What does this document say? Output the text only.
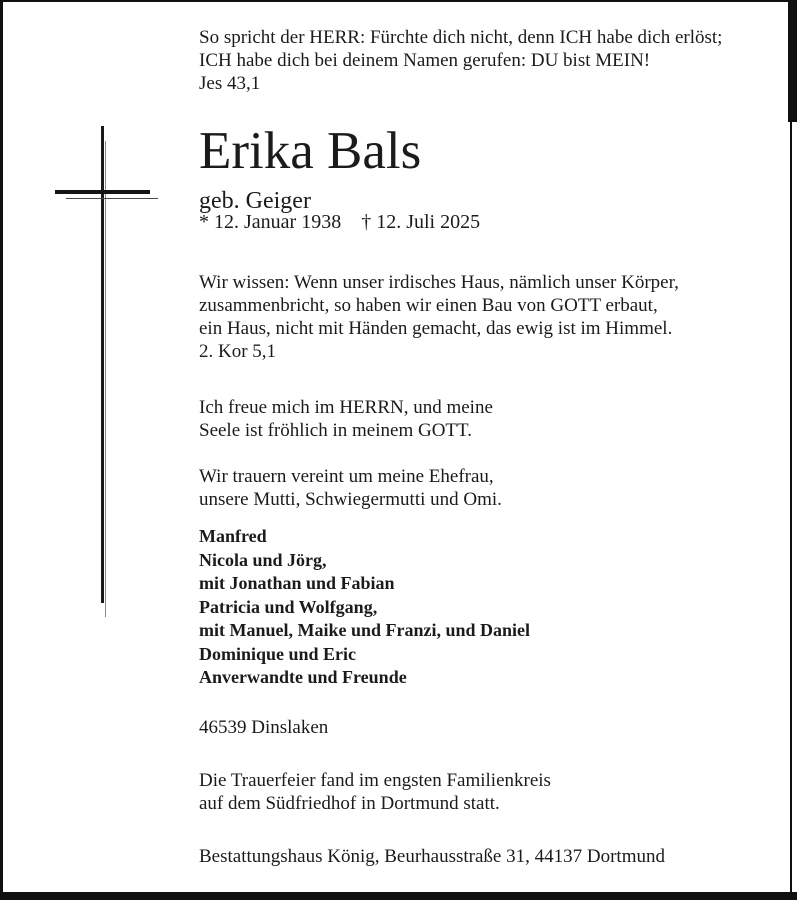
So spricht der HERR: Fürchte dich nicht, denn ICH habe dich erlöst;
ICH habe dich bei deinem Namen gerufen: DU bist MEIN!
Jes 43,1
Erika Bals
geb. Geiger
* 12. Januar 1938 † 12. Juli 2025
Wir wissen: Wenn unser irdisches Haus, nämlich unser Körper,
zusammenbricht, so haben wir einen Bau von GOTT erbaut,
ein Haus, nicht mit Händen gemacht, das ewig ist im Himmel.
2. Kor 5,1
Ich freue mich im HERRN, und meine
Seele ist fröhlich in meinem GOTT.
Wir trauern vereint um meine Ehefrau,
unsere Mutti, Schwiegermutti und Omi.
Manfred
Nicola und Jörg,
mit Jonathan und Fabian
Patricia und Wolfgang,
mit Manuel, Maike und Franzi, und Daniel
Dominique und Eric
Anverwandte und Freunde
46539 Dinslaken
Die Trauerfeier fand im engsten Familienkreis
auf dem Südfriedhof in Dortmund statt.
Bestattungshaus König, Beurhausstraße 31, 44137 Dortmund
